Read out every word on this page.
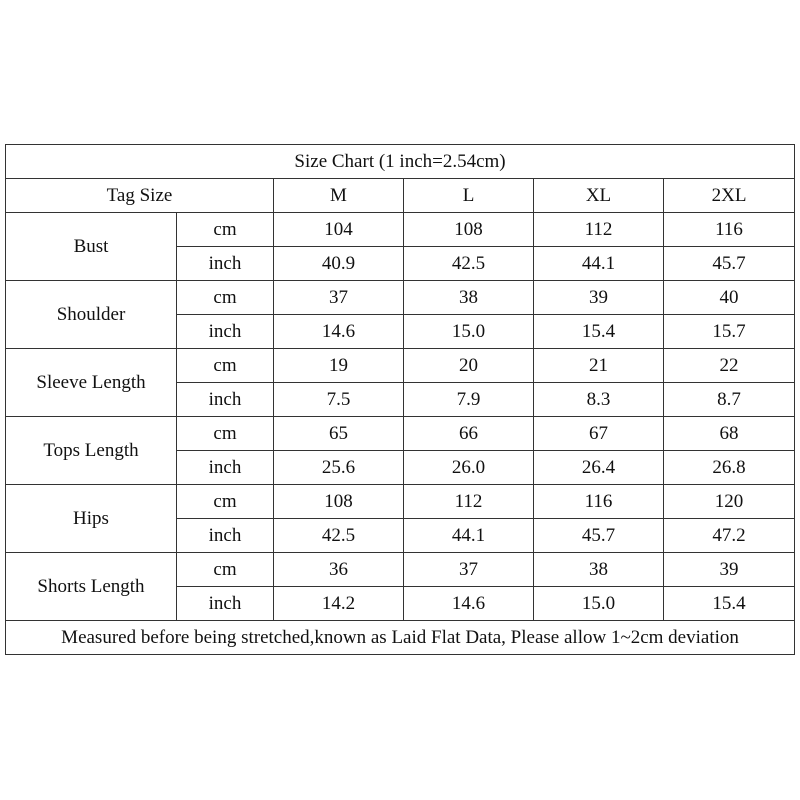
Size Chart (1 inch=2.54cm)					
Tag Size		M	L	XL	2XL
Bust	cm	104	108	112	116
	inch	40.9	42.5	44.1	45.7
Shoulder	cm	37	38	39	40
	inch	14.6	15.0	15.4	15.7
Sleeve Length	cm	19	20	21	22
	inch	7.5	7.9	8.3	8.7
Tops Length	cm	65	66	67	68
	inch	25.6	26.0	26.4	26.8
Hips	cm	108	112	116	120
	inch	42.5	44.1	45.7	47.2
Shorts Length	cm	36	37	38	39
	inch	14.2	14.6	15.0	15.4
Measured before being stretched,known as Laid Flat Data, Please allow 1~2cm deviation					
